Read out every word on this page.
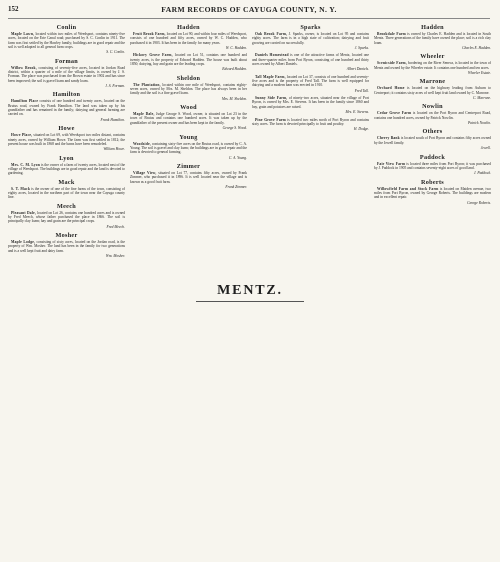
152	FARM RECORDS OF CAYUGA COUNTY, N. Y.
Conlin

Maple Lawn, located within two miles of Weedsport, contains ninety-five acres, located on the Erie Canal road; purchased by S. C. Conlin in 1911. The farm was first settled by the Hawley family; buildings are in good repair and the soil is well adapted to all general farm crops.

S. C. Conlin.
Forman

Willow Brook, consisting of seventy-five acres, located in Jordan Road district, within a quarter of a mile of the village limits, is owned by J. S. Forman. The place was purchased from the Brown estate in 1902 and has since been improved; the soil is gravel loam and sandy loam.

J. S. Forman.
Hamilton

Hamilton Place consists of one hundred and twenty acres, located on the Brutus road, owned by Frank Hamilton. The land was taken up by his grandfather and has remained in the family; dairying and general farming are carried on.

Frank Hamilton.
Howe

Howe Place, situated on Lot 69, with Weedsport two miles distant, contains ninety acres, owned by William Howe. The farm was first settled in 1812; the present house was built in 1868 and the barns have been remodeled.

William Howe.
Lyon

Mrs. C. M. Lyon is the owner of a farm of twenty acres, located east of the village of Weedsport. The buildings are in good repair and the land is devoted to gardening.

Mack

S. T. Mack is the owner of one of the fine farms of the town, consisting of eighty acres, located in the northern part of the town near the Cayuga county line.

Meech

Pleasant Dale, located on Lot 26, contains one hundred acres and is owned by Fred Meech, whose father purchased the place in 1866. The soil is principally clay loam; hay and grain are the principal crops.

Fred Meech.
Mosher

Maple Lodge, consisting of sixty acres, located on the Jordan road, is the property of Wm. Mosher. The land has been in the family for two generations and is a well kept fruit and dairy farm.

Wm. Mosher.
Hadden

Fruit Brook Farm, located on Lot 90, and within four miles of Weedsport, consists of one hundred and fifty acres, owned by W. C. Hadden, who purchased it in 1903. It has been in the family for many years.

W. C. Hadden.

Hickory Grove Farm, located on Lot 51, contains one hundred and twenty acres, is the property of Edward Hadden. The house was built about 1850; dairying, hay and grain are the leading crops.

Edward Hadden.
Sheldon

The Plantation, located within one mile of Weedsport, contains eighty-seven acres, owned by Mrs. M. Sheldon. The place has always been in her family and the soil is a fine gravel loam.

Mrs. M. Sheldon.
Wood

Maple Dale, Judge George S. Wood, owner, is situated on Lot 23 in the town of Brutus and contains one hundred acres. It was taken up by the grandfather of the present owner and has been kept in the family.

George S. Wood.
Young

Woodside, containing sixty-five acres on the Brutus road, is owned by C. A. Young. The soil is gravel and clay loam; the buildings are in good repair and the farm is devoted to general farming.

C. A. Young.
Zimmer

Village View, situated on Lot 77, contains fifty acres, owned by Frank Zimmer, who purchased it in 1896. It is well located near the village and is known as a good fruit farm.

Frank Zimmer.
Sparks

Oak Brook Farm, J. Sparks, owner, is located on Lot 95 and contains eighty acres. The farm is in a high state of cultivation; dairying and fruit growing are carried on successfully.

J. Sparks.

Daniels Homestead is one of the attractive farms of Mentz, located one and three-quarter miles from Port Byron, consisting of one hundred and thirty acres owned by Albert Daniels.

Albert Daniels.

Tall Maple Farm, located on Lot 37, consists of one hundred and seventy-five acres and is the property of Fred Tall. The farm is well equipped for dairying and a modern barn was erected in 1910.

Fred Tall.

Sunny Side Farm, of ninety-two acres, situated near the village of Port Byron, is owned by Mrs. E. Stevens. It has been in the family since 1860 and hay, grain and potatoes are raised.

Mrs. E. Stevens.

Pine Grove Farm is located two miles north of Port Byron and contains sixty acres. The farm is devoted principally to fruit and poultry.

H. Dodge.
Hadden

Brookdale Farm is owned by Charles E. Hadden and is located in South Mentz. Three generations of the family have owned the place; soil is a rich clay loam.

Charles E. Hadden.
Wheeler

Scenicside Farm, bordering on the River Seneca, is located in the town of Mentz and owned by the Wheeler estate. It contains one hundred and ten acres.

Wheeler Estate.
Marrone

Orchard Home is located on the highway leading from Auburn to Centreport; it contains sixty acres of well kept fruit land owned by C. Marrone.

C. Marrone.
Nowlin

Cedar Grove Farm is located on the Port Byron and Centreport Road, contains one hundred acres, owned by Patrick Nowlin.

Patrick Nowlin.
Others

Cherry Bank is located south of Port Byron and contains fifty acres owned by the Jewell family.

Jewell.
Paddock

Fair View Farm is located three miles from Port Byron; it was purchased by J. Paddock in 1905 and contains seventy-eight acres of good land.

J. Paddock.
Roberts

Willowfield Farm and Stock Farm is located on Maiden avenue, two miles from Port Byron, owned by George Roberts. The buildings are modern and in excellent repair.

George Roberts.
MENTZ.
